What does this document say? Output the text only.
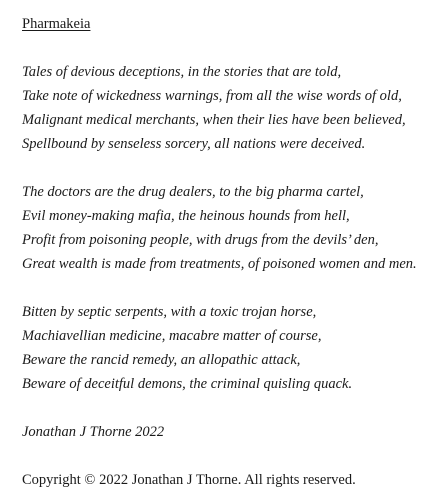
Pharmakeia
Tales of devious deceptions, in the stories that are told,
Take note of wickedness warnings, from all the wise words of old,
Malignant medical merchants, when their lies have been believed,
Spellbound by senseless sorcery, all nations were deceived.
The doctors are the drug dealers, to the big pharma cartel,
Evil money-making mafia, the heinous hounds from hell,
Profit from poisoning people, with drugs from the devils’ den,
Great wealth is made from treatments, of poisoned women and men.
Bitten by septic serpents, with a toxic trojan horse,
Machiavellian medicine, macabre matter of course,
Beware the rancid remedy, an allopathic attack,
Beware of deceitful demons, the criminal quisling quack.
Jonathan J Thorne 2022
Copyright © 2022 Jonathan J Thorne. All rights reserved.
